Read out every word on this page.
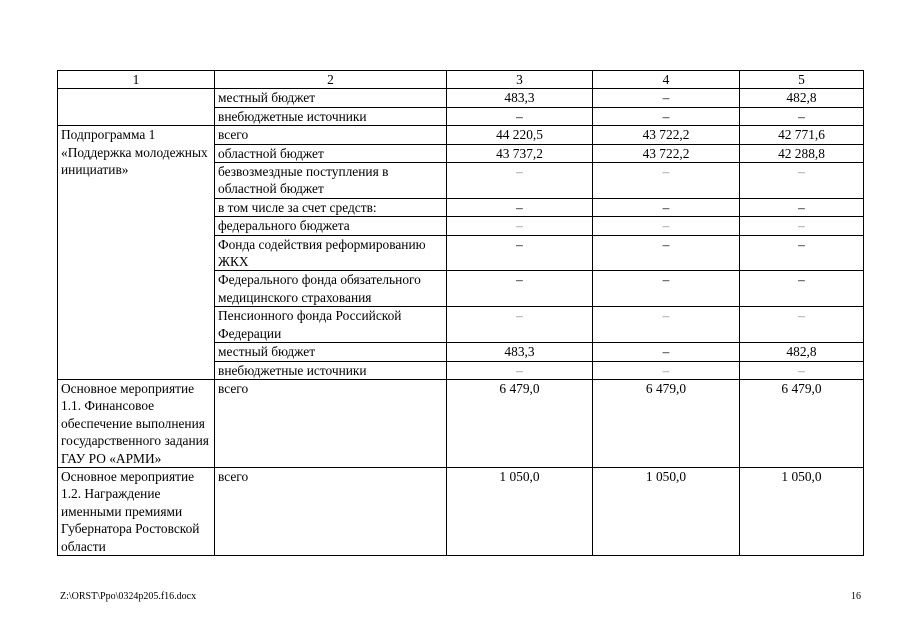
1	2	3	4	5
	местный бюджет	483,3	–	482,8
	внебюджетные источники	–	–	–
Подпрограмма 1 «Поддержка молодежных инициатив»	всего	44 220,5	43 722,2	42 771,6
	областной бюджет	43 737,2	43 722,2	42 288,8
	безвозмездные поступления в областной бюджет	–	–	–
	в том числе за счет средств:	–	–	–
	федерального бюджета	–	–	–
	Фонда содействия реформированию ЖКХ	–	–	–
	Федерального фонда обязательного медицинского страхования	–	–	–
	Пенсионного фонда Российской Федерации	–	–	–
	местный бюджет	483,3	–	482,8
	внебюджетные источники	–	–	–
Основное мероприятие 1.1. Финансовое обеспечение выполнения государственного задания ГАУ РО «АРМИ»	всего	6 479,0	6 479,0	6 479,0
Основное мероприятие 1.2. Награждение именными премиями Губернатора Ростовской области	всего	1 050,0	1 050,0	1 050,0
Z:\ORST\Ppo\0324p205.f16.docx	16
